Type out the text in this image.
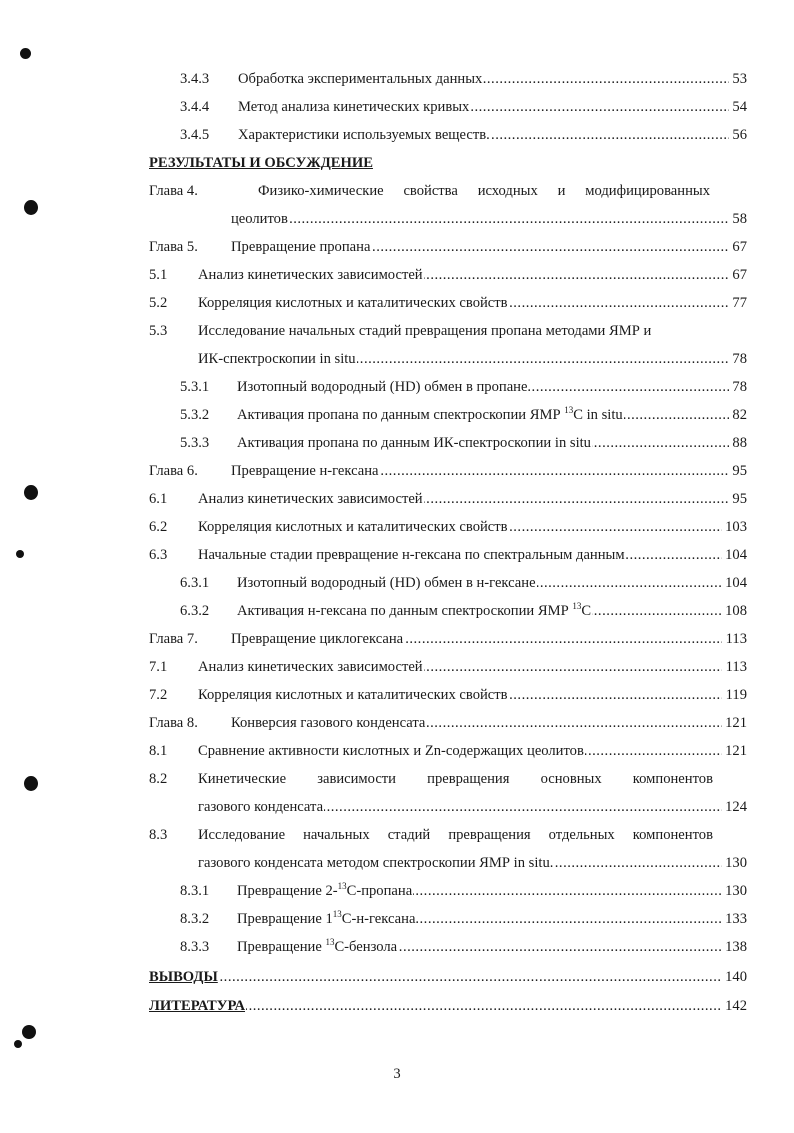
3.4.3 ..... Обработка экспериментальных данных	53
3.4.4 ..... Метод анализа кинетических кривых	54
3.4.5 ..... Характеристики используемых веществ.	56
РЕЗУЛЬТАТЫ И ОБСУЖДЕНИЕ
Глава 4.	Физико-химические свойства исходных и модифицированных
.....
цеолитов	58
Глава 5. ..... Превращение пропана	67
5.1 ..... Анализ кинетических зависимостей	67
5.2 ..... Корреляция кислотных и каталитических свойств	77
5.3 Исследование начальных стадий превращения пропана методами ЯМР и
.....
ИК-спектроскопии in situ	78
5.3.1 ..... Изотопный водородный (HD) обмен в пропане	78
5.3.2 ..... Активация пропана по данным спектроскопии ЯМР $^{13}$C in situ	82
5.3.3 ..... Активация пропана по данным ИК-спектроскопии in situ	88
Глава 6. ..... Превращение н-гексана	95
6.1 ..... Анализ кинетических зависимостей	95
6.2 ..... Корреляция кислотных и каталитических свойств	103
6.3 ..... Начальные стадии превращение н-гексана по спектральным данным	104
6.3.1 ..... Изотопный водородный (HD) обмен в н-гексане	104
6.3.2 ..... Активация н-гексана по данным спектроскопии ЯМР $^{13}$C	108
Глава 7. ..... Превращение циклогексана	113
7.1 ..... Анализ кинетических зависимостей	113
7.2 ..... Корреляция кислотных и каталитических свойств	119
Глава 8. ..... Конверсия газового конденсата	121
8.1 ..... Сравнение активности кислотных и Zn-содержащих цеолитов	121
8.2 Кинетические зависимости превращения основных компонентов
.....
газового конденсата	124
8.3 Исследование начальных стадий превращения отдельных компонентов
.....
газового конденсата методом спектроскопии ЯМР in situ.	130
8.3.1 ..... Превращение 2-$^{13}$C-пропана	130
8.3.2 ..... Превращение $1^{13}C-н$-гексана	133
8.3.3 ..... Превращение $^{13}$C-бензола	138
.....
ВЫВОДЫ	140
.....
ЛИТЕРАТУРА	142
3
